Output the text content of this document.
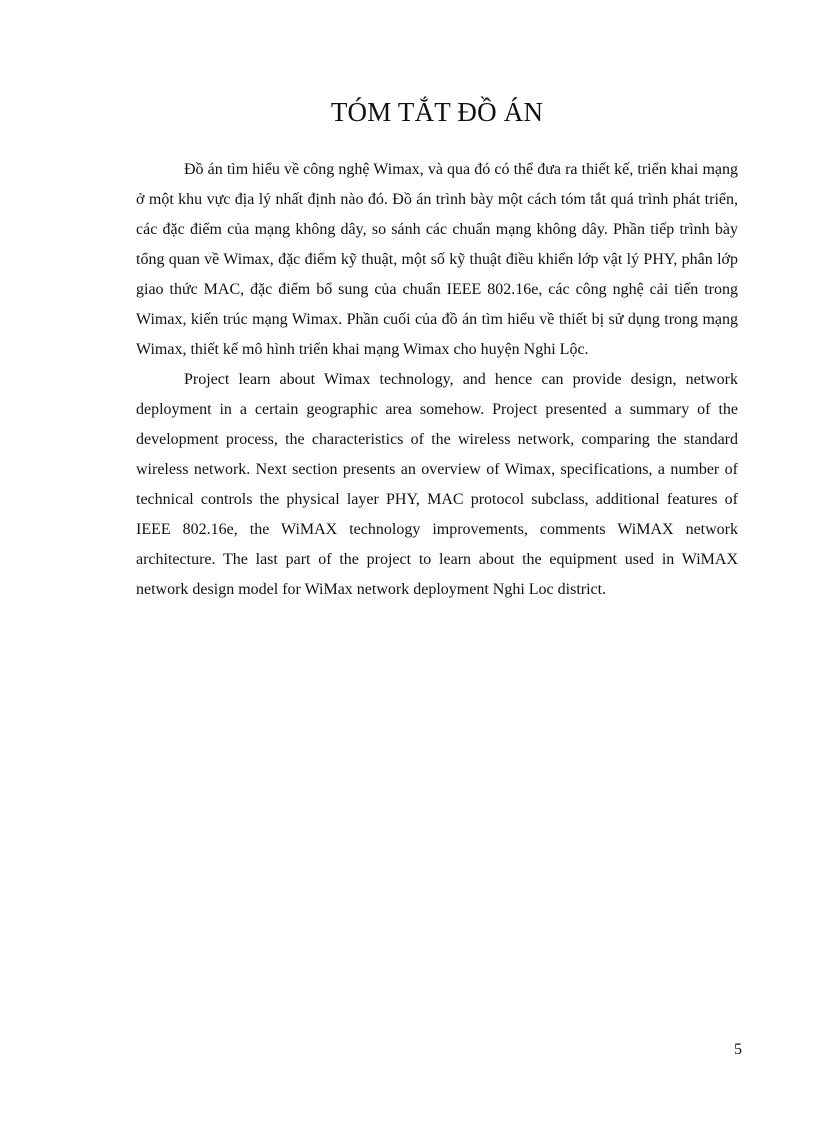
TÓM TẮT ĐỒ ÁN

Đồ án tìm hiểu về công nghệ Wimax, và qua đó có thể đưa ra thiết kế, triển khai mạng ở một khu vực địa lý nhất định nào đó. Đồ án trình bày một cách tóm tắt quá trình phát triển, các đặc điểm của mạng không dây, so sánh các chuẩn mạng không dây. Phần tiếp trình bày tổng quan về Wimax, đặc điểm kỹ thuật, một số kỹ thuật điều khiển lớp vật lý PHY, phân lớp giao thức MAC, đặc điểm bổ sung của chuẩn IEEE 802.16e, các công nghệ cải tiến trong Wimax, kiến trúc mạng Wimax. Phần cuối của đồ án tìm hiểu về thiết bị sử dụng trong mạng Wimax, thiết kế mô hình triển khai mạng Wimax cho huyện Nghi Lộc.

Project learn about Wimax technology, and hence can provide design, network deployment in a certain geographic area somehow. Project presented a summary of the development process, the characteristics of the wireless network, comparing the standard wireless network. Next section presents an overview of Wimax, specifications, a number of technical controls the physical layer PHY, MAC protocol subclass, additional features of IEEE 802.16e, the WiMAX technology improvements, comments WiMAX network architecture. The last part of the project to learn about the equipment used in WiMAX network design model for WiMax network deployment Nghi Loc district.

5
